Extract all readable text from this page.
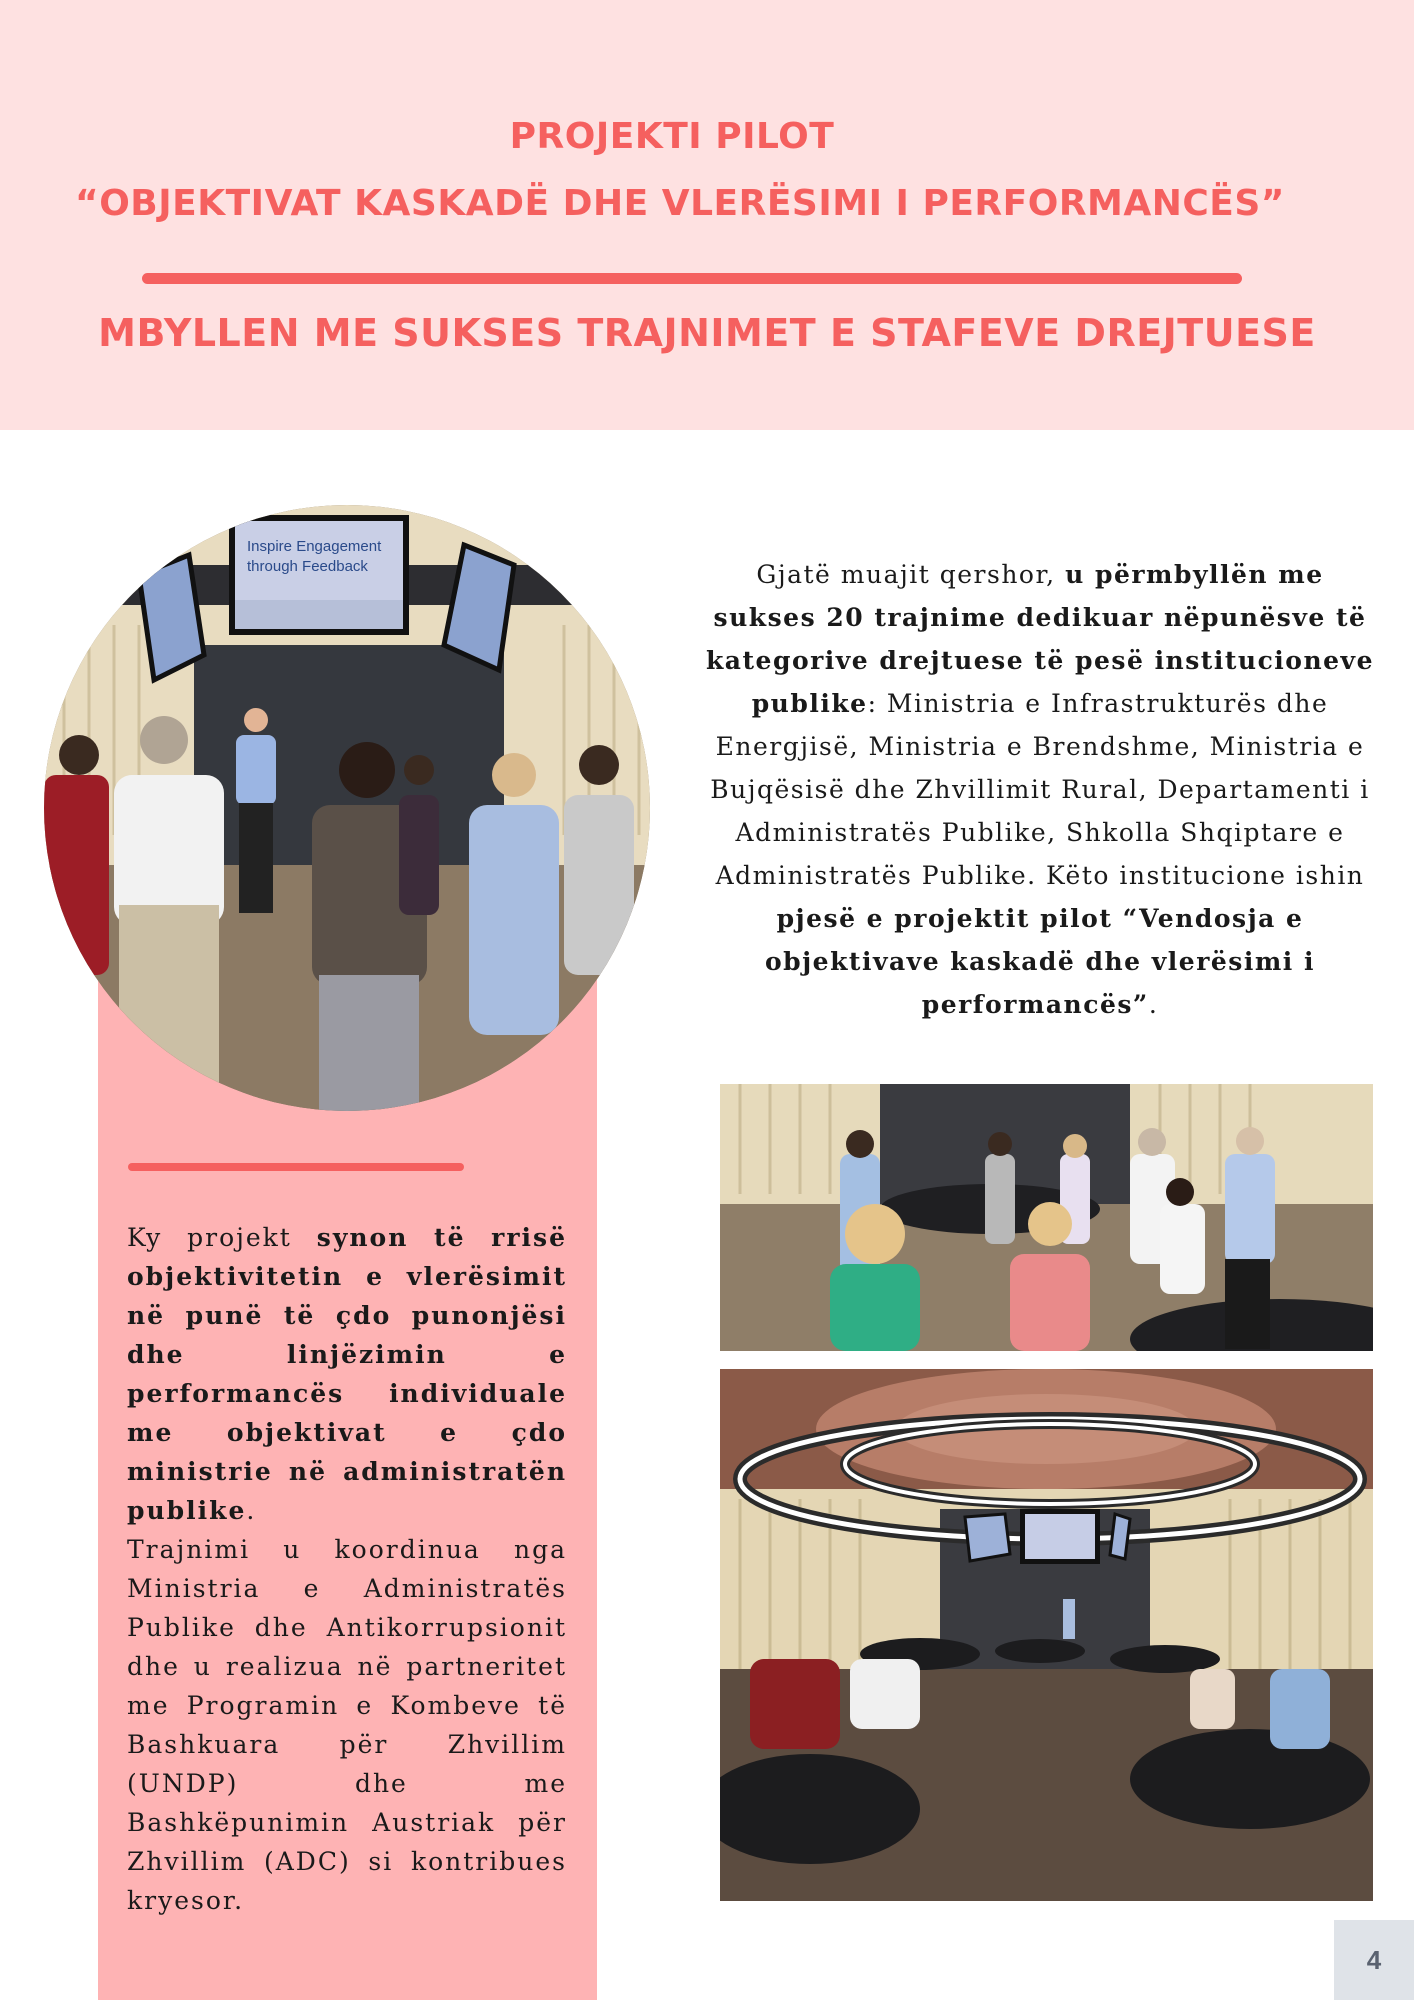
PROJEKTI PILOT
“OBJEKTIVAT KASKADË DHE VLERËSIMI I PERFORMANCËS”
MBYLLEN ME SUKSES TRAJNIMET E STAFEVE DREJTUESE
Inspire Engagement
through Feedback	Gjatë muajit qershor, u përmbyllën me sukses 20 trajnime dedikuar nëpunësve të kategorive drejtuese të pesë institucioneve publike: Ministria e Infrastrukturës dhe Energjisë, Ministria e Brendshme, Ministria e Bujqësisë dhe Zhvillimit Rural, Departamenti i Administratës Publike, Shkolla Shqiptare e Administratës Publike. Këto institucione ishin pjesë e projektit pilot “Vendosja e objektivave kaskadë dhe vlerësimi i performancës”.
Ky projekt synon të rrisë objektivitetin e vlerësimit në punë të çdo punonjësi dhe linjëzimin e performancës individuale me objektivat e çdo ministrie në administratën publike.
Trajnimi u koordinua nga Ministria e Administratës Publike dhe Antikorrupsionit dhe u realizua në partneritet me Programin e Kombeve të Bashkuara për Zhvillim (UNDP) dhe me Bashkëpunimin Austriak për Zhvillim (ADC) si kontribues kryesor.
4
